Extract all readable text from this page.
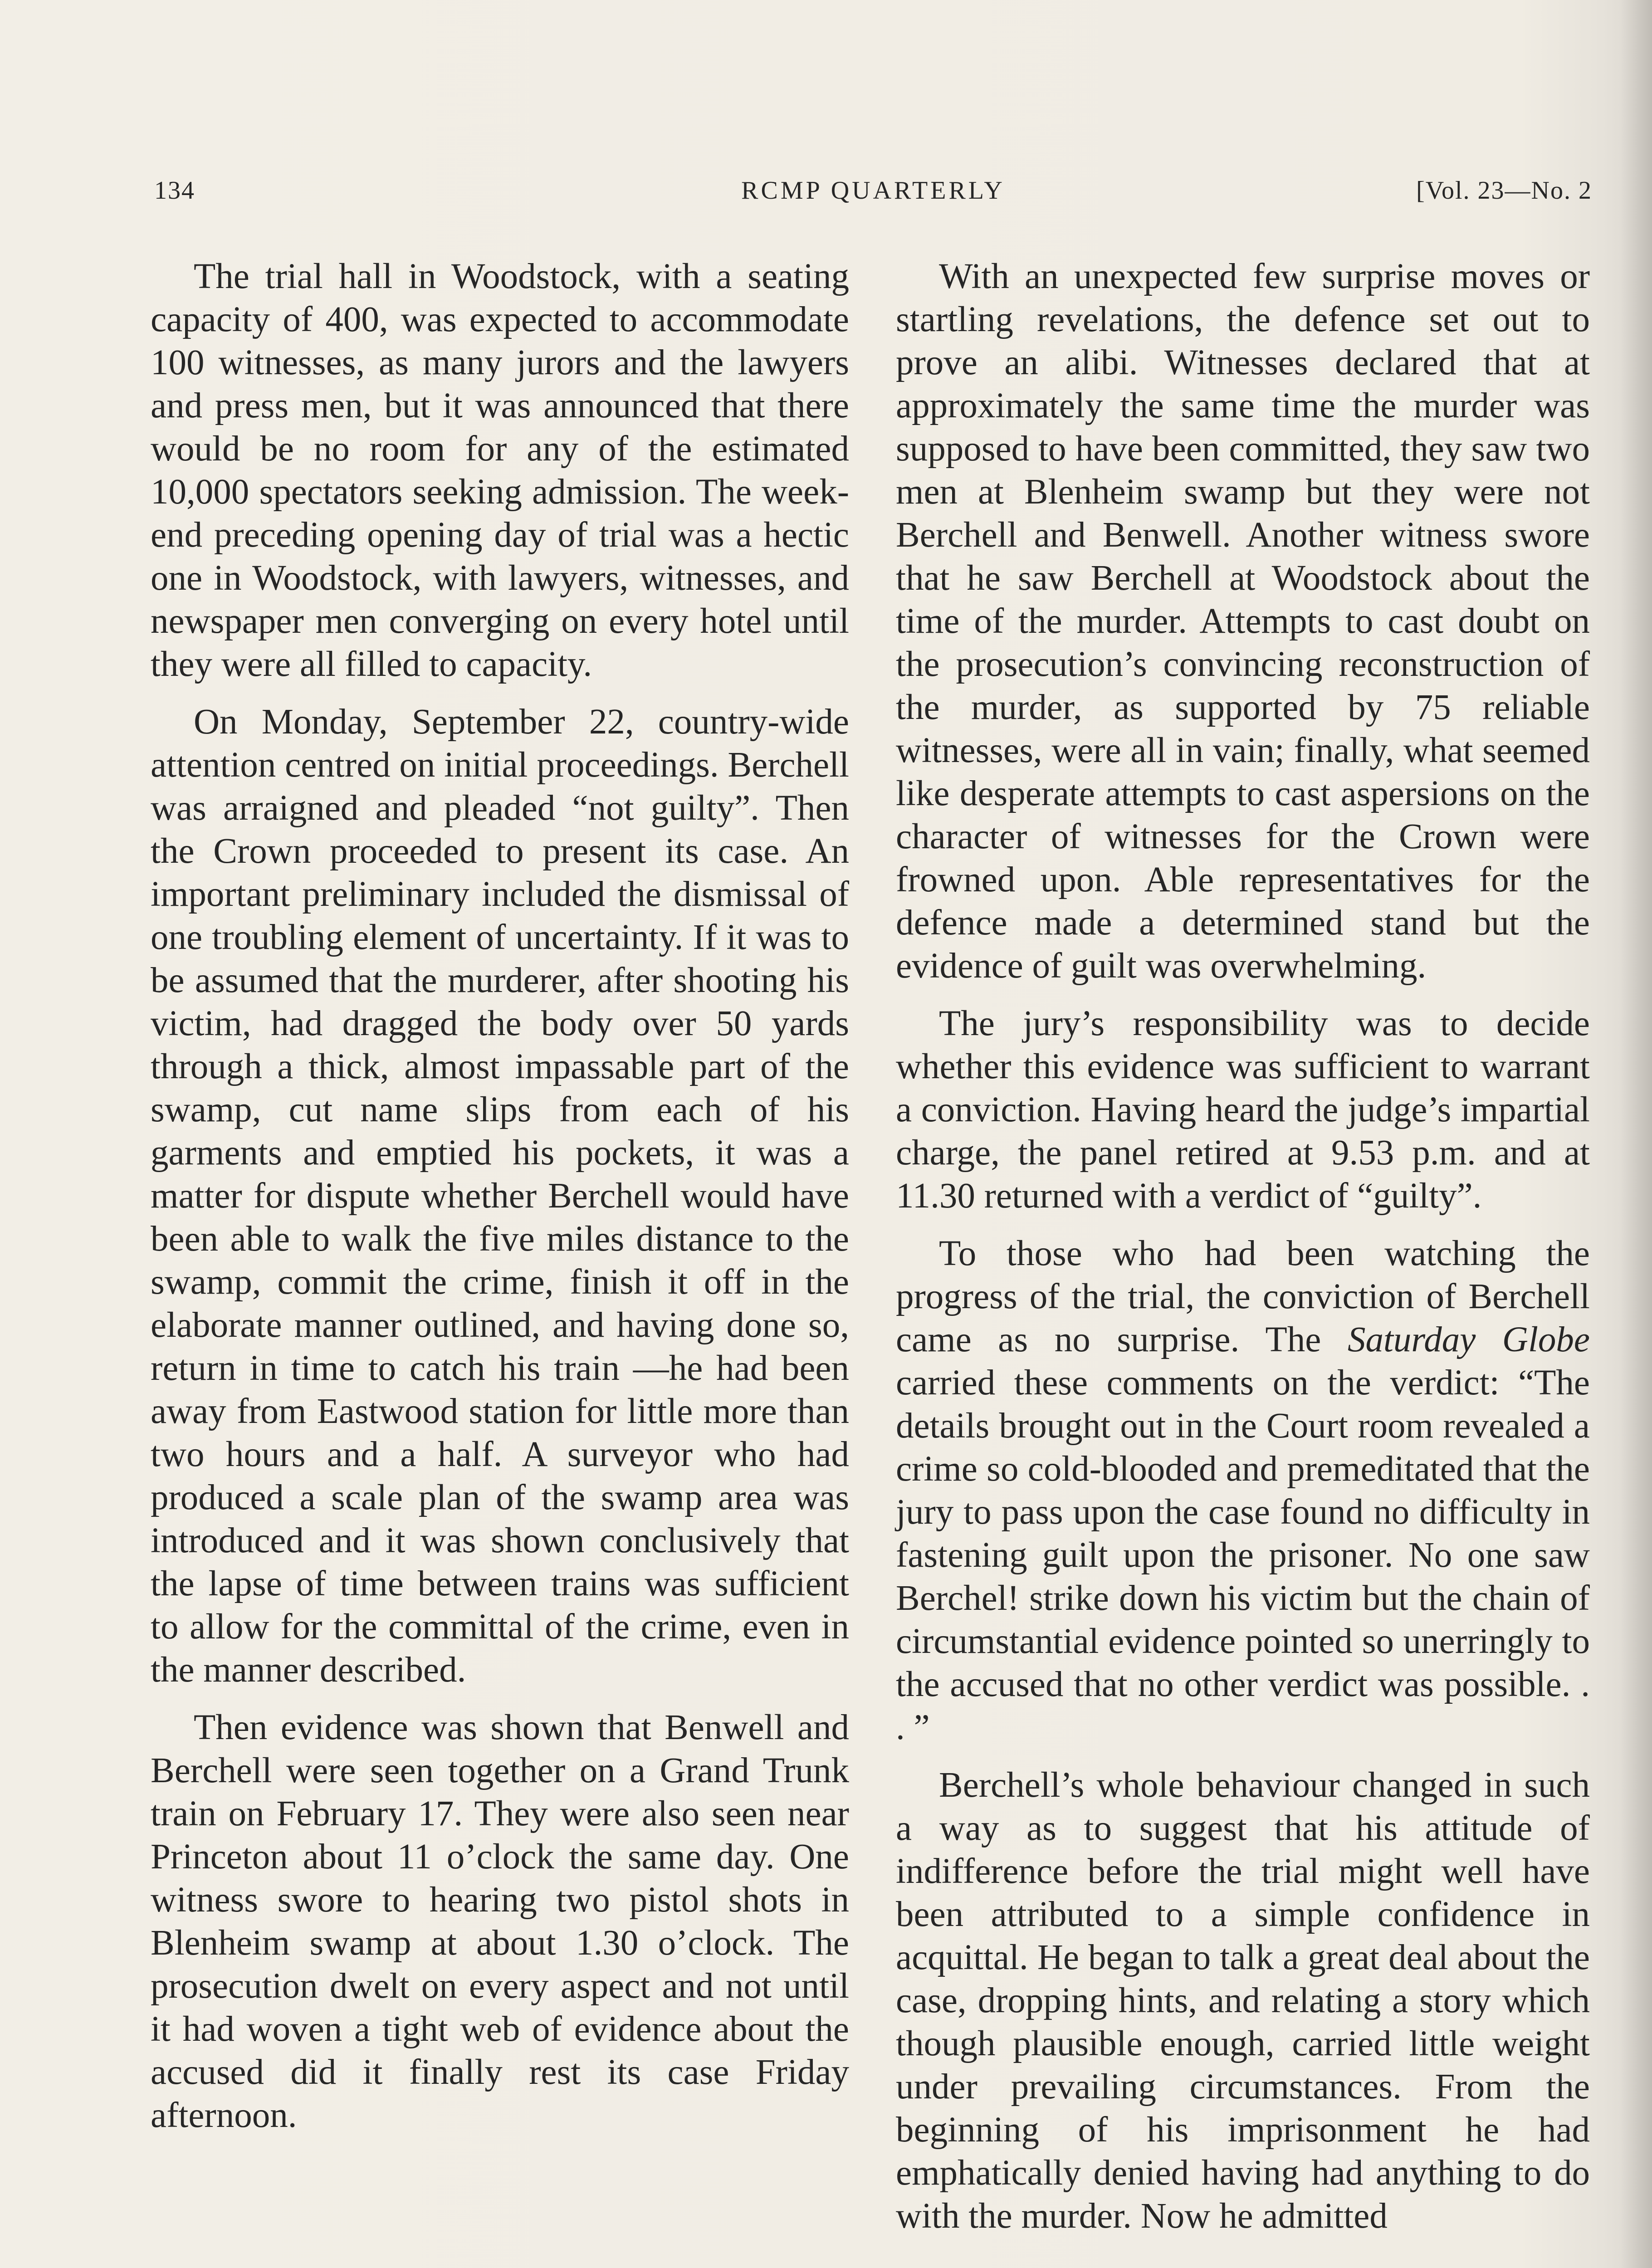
134	RCMP QUARTERLY	[Vol. 23—No. 2

The trial hall in Woodstock, with a seating capacity of 400, was expected to accommodate 100 witnesses, as many jurors and the lawyers and press men, but it was announced that there would be no room for any of the estimated 10,000 spectators seeking admission. The week-end preceding opening day of trial was a hectic one in Woodstock, with lawyers, witnesses, and newspaper men converging on every hotel until they were all filled to capacity.

On Monday, September 22, country-wide attention centred on initial proceedings. Berchell was arraigned and pleaded “not guilty”. Then the Crown proceeded to present its case. An important preliminary included the dismissal of one troubling element of uncertainty. If it was to be assumed that the murderer, after shooting his victim, had dragged the body over 50 yards through a thick, almost impassable part of the swamp, cut name slips from each of his garments and emptied his pockets, it was a matter for dispute whether Berchell would have been able to walk the five miles distance to the swamp, commit the crime, finish it off in the elaborate manner outlined, and having done so, return in time to catch his train —he had been away from Eastwood station for little more than two hours and a half. A surveyor who had produced a scale plan of the swamp area was introduced and it was shown conclusively that the lapse of time between trains was sufficient to allow for the committal of the crime, even in the manner described.

Then evidence was shown that Benwell and Berchell were seen together on a Grand Trunk train on February 17. They were also seen near Princeton about 11 o’clock the same day. One witness swore to hearing two pistol shots in Blenheim swamp at about 1.30 o’clock. The prosecution dwelt on every aspect and not until it had woven a tight web of evidence about the accused did it finally rest its case Friday afternoon.

With an unexpected few surprise moves or startling revelations, the defence set out to prove an alibi. Witnesses declared that at approximately the same time the murder was supposed to have been committed, they saw two men at Blenheim swamp but they were not Berchell and Benwell. Another witness swore that he saw Berchell at Woodstock about the time of the murder. Attempts to cast doubt on the prosecution’s convincing reconstruction of the murder, as supported by 75 reliable witnesses, were all in vain; finally, what seemed like desperate attempts to cast aspersions on the character of witnesses for the Crown were frowned upon. Able representatives for the defence made a determined stand but the evidence of guilt was overwhelming.

The jury’s responsibility was to decide whether this evidence was sufficient to warrant a conviction. Having heard the judge’s impartial charge, the panel retired at 9.53 p.m. and at 11.30 returned with a verdict of “guilty”.

To those who had been watching the progress of the trial, the conviction of Berchell came as no surprise. The Saturday Globe carried these comments on the verdict: “The details brought out in the Court room revealed a crime so cold-blooded and premeditated that the jury to pass upon the case found no difficulty in fastening guilt upon the prisoner. No one saw Berchel! strike down his victim but the chain of circumstantial evidence pointed so unerringly to the accused that no other verdict was possible. . . ”

Berchell’s whole behaviour changed in such a way as to suggest that his attitude of indifference before the trial might well have been attributed to a simple confidence in acquittal. He began to talk a great deal about the case, dropping hints, and relating a story which though plausible enough, carried little weight under prevailing circumstances. From the beginning of his imprisonment he had emphatically denied having had anything to do with the murder. Now he admitted
